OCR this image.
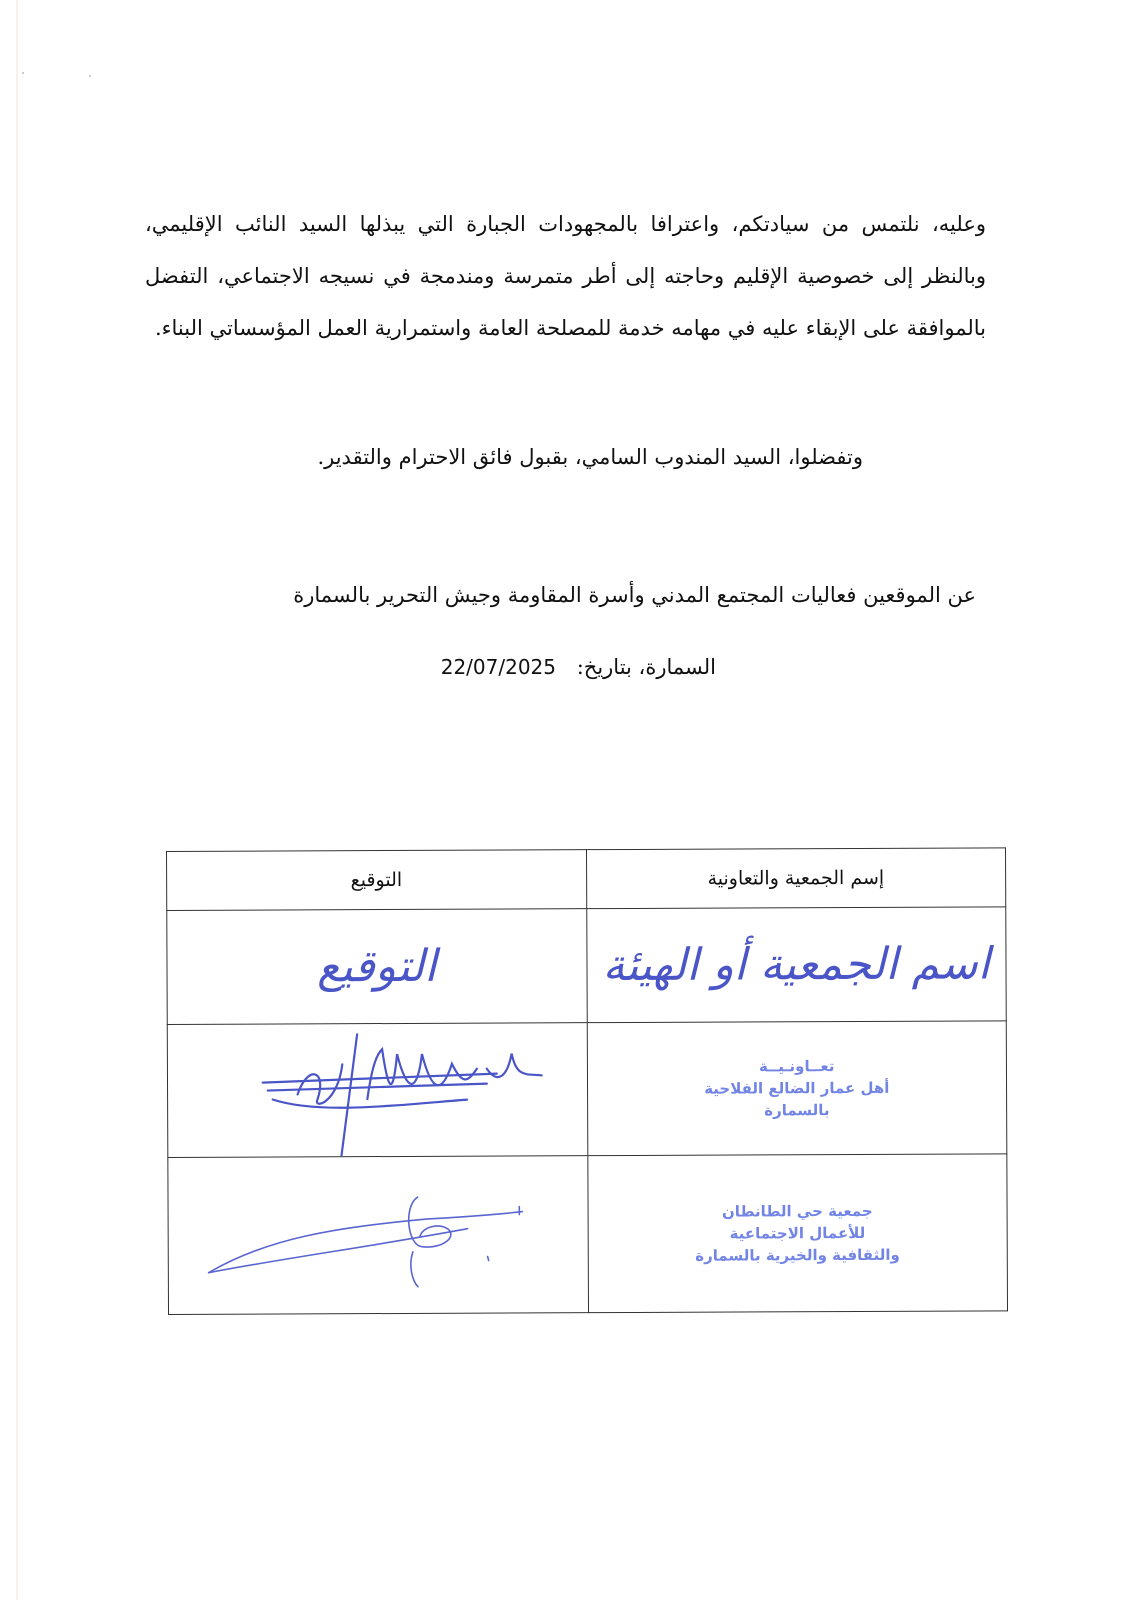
وعليه، نلتمس من سيادتكم، واعترافا بالمجهودات الجبارة التي يبذلها السيد النائب الإقليمي، وبالنظر إلى خصوصية الإقليم وحاجته إلى أطر متمرسة ومندمجة في نسيجه الاجتماعي، التفضل بالموافقة على الإبقاء عليه في مهامه خدمة للمصلحة العامة واستمرارية العمل المؤسساتي البناء.

وتفضلوا، السيد المندوب السامي، بقبول فائق الاحترام والتقدير.
عن الموقعين فعاليات المجتمع المدني وأسرة المقاومة وجيش التحرير بالسمارة
السمارة، بتاريخ: 22/07/2025
إسم الجمعية والتعاونية	التوقيع

اسم الجمعية أو الهيئة	التوقيع

تعــاونـيــة
أهل عمار الضالع الفلاحية
بالسمارة

جمعية حي الطانطان
للأعمال الاجتماعية
والثقافية والخيرية بالسمارة
